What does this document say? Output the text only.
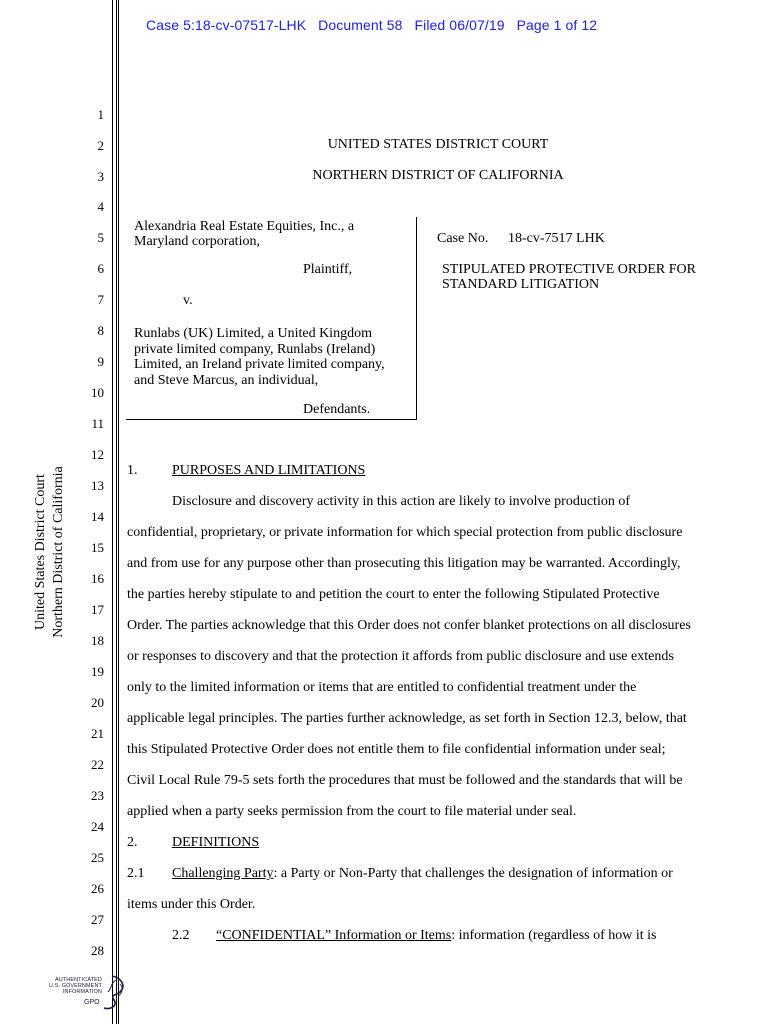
Case 5:18-cv-07517-LHK   Document 58   Filed 06/07/19   Page 1 of 12
1
2
3
4
5
6
7
8
9
10
11
12
13
14
15
16
17
18
19
20
21
22
23
24
25
26
27
28
UNITED STATES DISTRICT COURT
NORTHERN DISTRICT OF CALIFORNIA
Alexandria Real Estate Equities, Inc., a
Maryland corporation,
Plaintiff,
v.
Runlabs (UK) Limited, a United Kingdom
private limited company, Runlabs (Ireland)
Limited, an Ireland private limited company,
and Steve Marcus, an individual,
Defendants.
Case No. 18-cv-7517 LHK
STIPULATED PROTECTIVE ORDER FOR
STANDARD LITIGATION
United States District Court Northern District of California	1. PURPOSES AND LIMITATIONS
Disclosure and discovery activity in this action are likely to involve production of
confidential, proprietary, or private information for which special protection from public disclosure
and from use for any purpose other than prosecuting this litigation may be warranted. Accordingly,
the parties hereby stipulate to and petition the court to enter the following Stipulated Protective
Order. The parties acknowledge that this Order does not confer blanket protections on all disclosures
or responses to discovery and that the protection it affords from public disclosure and use extends
only to the limited information or items that are entitled to confidential treatment under the
applicable legal principles. The parties further acknowledge, as set forth in Section 12.3, below, that
this Stipulated Protective Order does not entitle them to file confidential information under seal;
Civil Local Rule 79-5 sets forth the procedures that must be followed and the standards that will be
applied when a party seeks permission from the court to file material under seal.
2. DEFINITIONS
2.1 Challenging Party: a Party or Non-Party that challenges the designation of information or
items under this Order.
2.2 “CONFIDENTIAL” Information or Items: information (regardless of how it is
AUTHENTICATED
U.S. GOVERNMENT
INFORMATION
GPO
